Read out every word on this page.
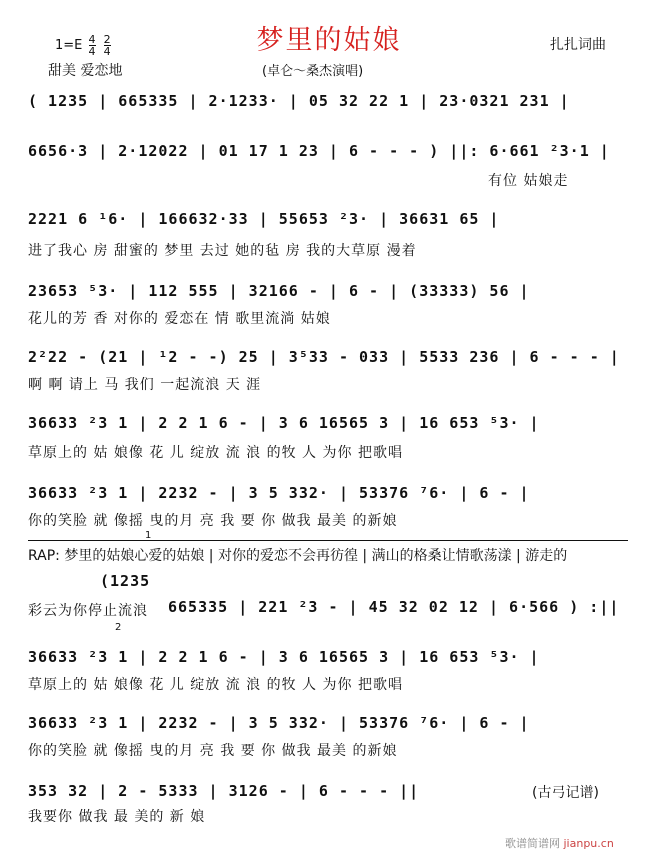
梦里的姑娘
$1=E \frac{4}{4}$
$\frac{2}{4}$
甜美 爱恋地	(卓仑～桑杰演唱)
扎扎词曲
( 1235 | 665335 | 2·1233· | 05 32 22 1 | 23·0321 231 |
6656·3 | 2·12022 | 01 17 1 23 | 6 - - - ) ||: 6·661 ²3·1 |
有位 姑娘走
2221 6 ¹6· | 166632·33 | 55653 ²3· | 36631 65 |
进了我心 房 甜蜜的 梦里 去过 她的毡 房 我的大草原 漫着
23653 ⁵3· | 112 555 | 32166 - | 6 - | (33333) 56 |
花儿的芳 香 对你的 爱恋在 情 歌里流淌 姑娘
2²22 - (21 | ¹2 - -) 25 | 3⁵33 - 033 | 5533 236 | 6 - - - |
啊 啊 请上 马 我们 一起流浪 天 涯
36633 ²3 1 | 2 2 1 6 - | 3 6 16565 3 | 16 653 ⁵3· |
草原上的 姑 娘像 花 儿 绽放 流 浪 的牧 人 为你 把歌唱
36633 ²3 1 | 2232 - | 3 5 332· | 53376 ⁷6· | 6 - |
你的笑脸 就 像摇 曳的月 亮 我 要 你 做我 最美 的新娘
1
RAP: 梦里的姑娘心爱的姑娘 | 对你的爱恋不会再彷徨 | 满山的格桑让情歌荡漾 | 游走的
(1235
彩云为你停止流浪	665335 | 221 ²3 - | 45 32 02 12 | 6·566 ) :||
2
36633 ²3 1 | 2 2 1 6 - | 3 6 16565 3 | 16 653 ⁵3· |
草原上的 姑 娘像 花 儿 绽放 流 浪 的牧 人 为你 把歌唱
36633 ²3 1 | 2232 - | 3 5 332· | 53376 ⁷6· | 6 - |
你的笑脸 就 像摇 曳的月 亮 我 要 你 做我 最美 的新娘
353 32 | 2 - 5333 | 3126 - | 6 - - - ||
我要你 做我 最 美的 新 娘
(古弓记谱)
歌谱简谱网 jianpu.cn
